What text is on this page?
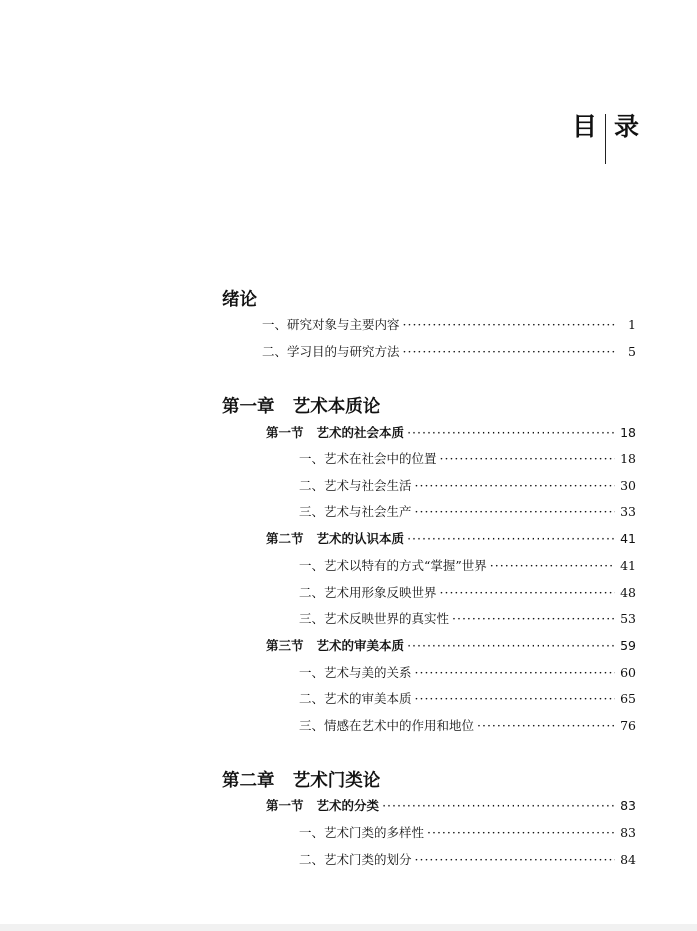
目 录
绪论
一、研究对象与主要内容 ·····	1
二、学习目的与研究方法 ·····	5
第一章   艺术本质论
第一节   艺术的社会本质 ·····	18
一、艺术在社会中的位置 ·····	18
二、艺术与社会生活 ·····	30
三、艺术与社会生产 ·····	33
第二节   艺术的认识本质 ·····	41
一、艺术以特有的方式“掌握”世界 ·····	41
二、艺术用形象反映世界 ·····	48
三、艺术反映世界的真实性 ·····	53
第三节   艺术的审美本质 ·····	59
一、艺术与美的关系 ·····	60
二、艺术的审美本质 ·····	65
三、情感在艺术中的作用和地位 ·····	76
第二章   艺术门类论
第一节   艺术的分类 ·····	83
一、艺术门类的多样性 ·····	83
二、艺术门类的划分 ·····	84
